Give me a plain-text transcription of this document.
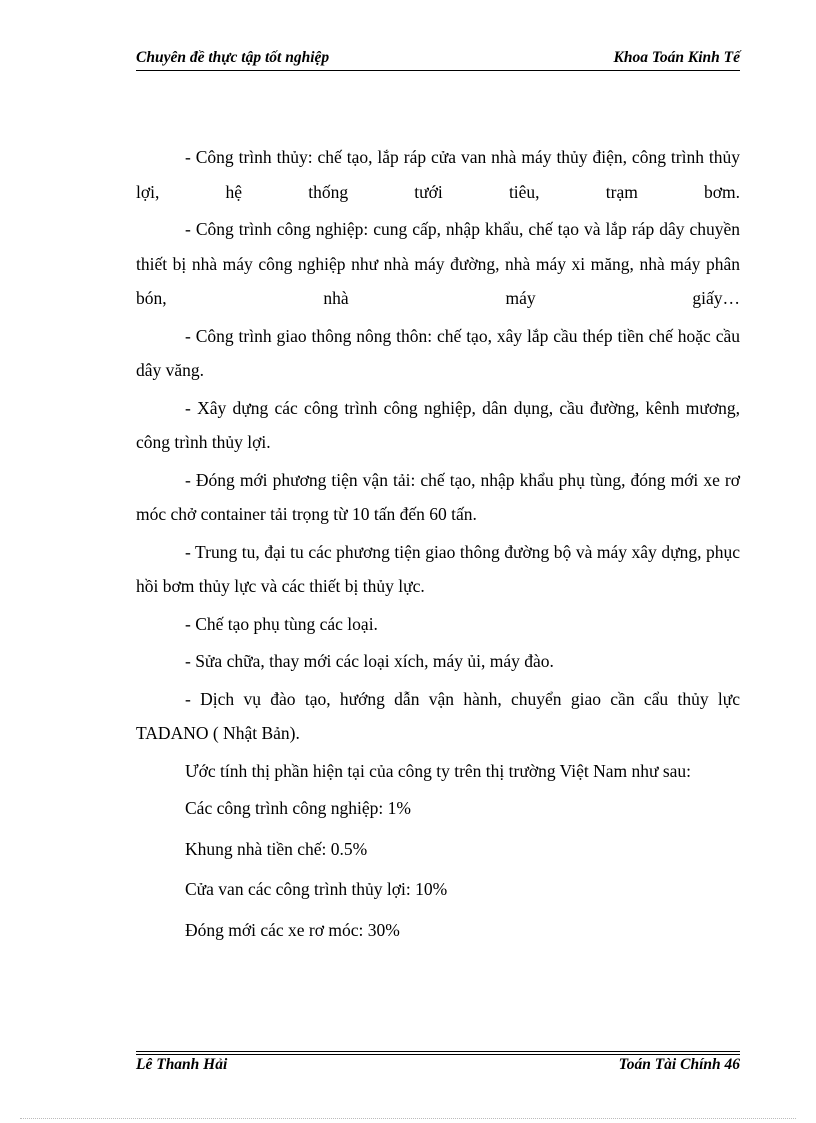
Chuyên đề thực tập tốt nghiệp	Khoa Toán Kinh Tế

- Công trình thủy: chế tạo, lắp ráp cửa van nhà máy thủy điện, công trình thủy lợi, hệ thống tưới tiêu, trạm bơm.

- Công trình công nghiệp: cung cấp, nhập khẩu, chế tạo và lắp ráp dây chuyền thiết bị nhà máy công nghiệp như nhà máy đường, nhà máy xi măng, nhà máy phân bón, nhà máy giấy…

- Công trình giao thông nông thôn: chế tạo, xây lắp cầu thép tiền chế hoặc cầu dây văng.

- Xây dựng các công trình công nghiệp, dân dụng, cầu đường, kênh mương, công trình thủy lợi.

- Đóng mới phương tiện vận tải: chế tạo, nhập khẩu phụ tùng, đóng mới xe rơ móc chở container tải trọng từ 10 tấn đến 60 tấn.

- Trung tu, đại tu các phương tiện giao thông đường bộ và máy xây dựng, phục hồi bơm thủy lực và các thiết bị thủy lực.

- Chế tạo phụ tùng các loại.

- Sửa chữa, thay mới các loại xích, máy ủi, máy đào.

- Dịch vụ đào tạo, hướng dẫn vận hành, chuyển giao cần cẩu thủy lực TADANO ( Nhật Bản).

Ước tính thị phần hiện tại của công ty trên thị trường Việt Nam như sau:

Các công trình công nghiệp: 1%
Khung nhà tiền chế: 0.5%
Cửa van các công trình thủy lợi: 10%
Đóng mới các xe rơ móc: 30%
Lê Thanh Hải	Toán Tài Chính 46
